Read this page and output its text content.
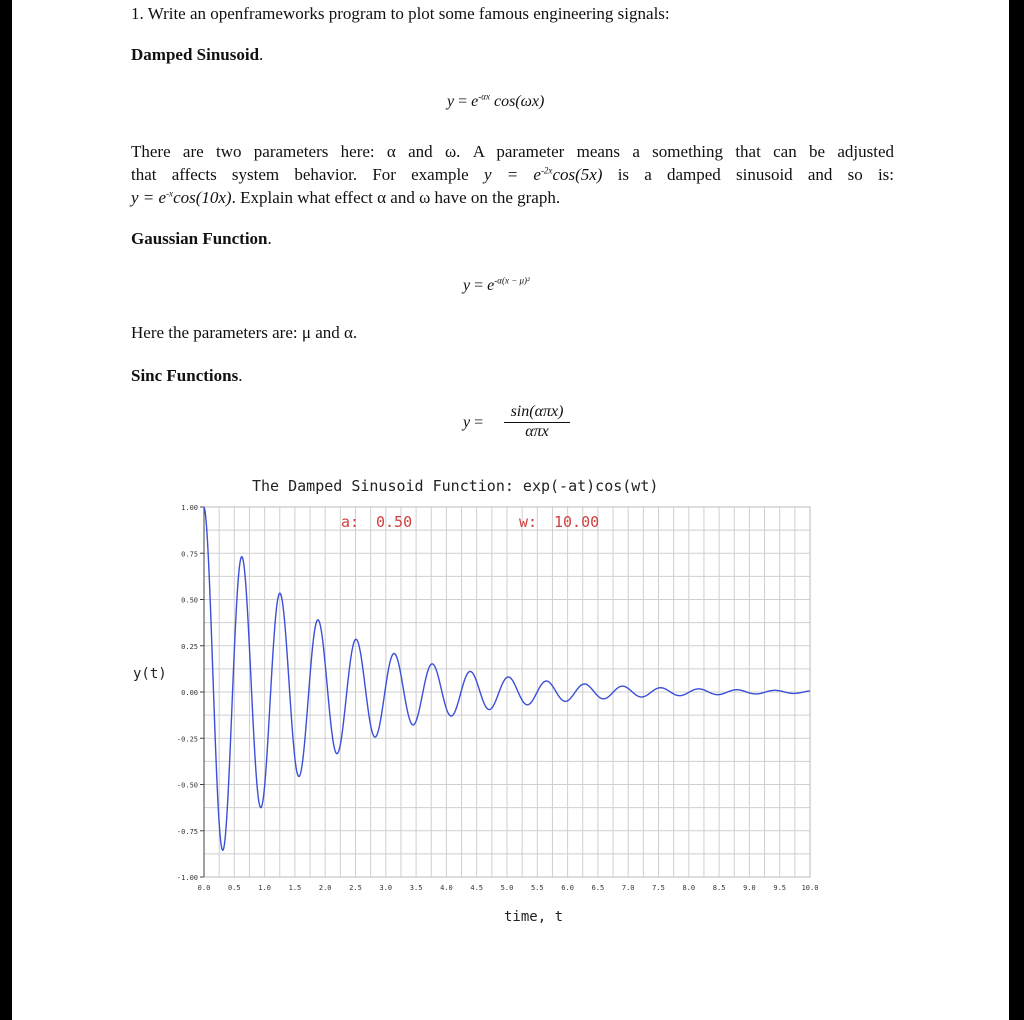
1. Write an openframeworks program to plot some famous engineering signals:
Damped Sinusoid.
$y = e^{-\alpha x}$ cos(ωx)
There are two parameters here: α and ω. A parameter means a something that can be adjusted
that affects system behavior. For example $y = e^{-2x}\cos(5x)$ is a damped sinusoid and so is:
$y = e^{-x}\cos(10x)$. Explain what effect α and ω have on the graph.
Gaussian Function.
$y = e^{-\alpha(x - \mu)^2}$
Here the parameters are: μ and α.
Sinc Functions.
y =
sin(απx)
απx
The Damped Sinusoid Function: exp(-at)cos(wt)
y(t)
time, t
1.00
0.75
0.50
0.25
0.00
-0.25
-0.50
-0.75
-1.00
0.0	0.5	1.0	1.5	2.0	2.5	3.0	3.5	4.0	4.5	5.0	5.5	6.0	6.5	7.0	7.5	8.0	8.5	9.0	9.5 10.0
a: 0.50	w: 10.00
